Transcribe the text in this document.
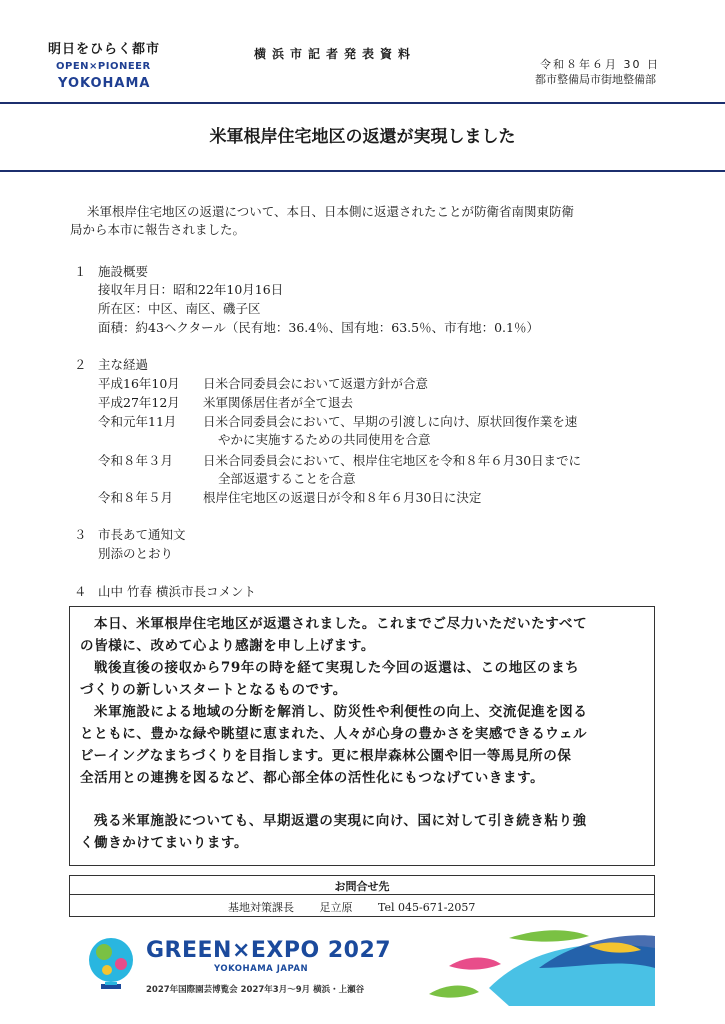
明日をひらく都市
OPEN×PIONEER
YOKOHAMA
横浜市記者発表資料
令和８年６月 30 日
都市整備局市街地整備部
米軍根岸住宅地区の返還が実現しました
米軍根岸住宅地区の返還について、本日、日本側に返還されたことが防衛省南関東防衛
局から本市に報告されました。
１ 施設概要
接収年月日：昭和22年10月16日
所在区：中区、南区、磯子区
面積：約43ヘクタール（民有地：36.4％、国有地：63.5％、市有地：0.1％）
２ 主な経過
平成16年10月 日米合同委員会において返還方針が合意
平成27年12月 米軍関係居住者が全て退去
令和元年11月 日米合同委員会において、早期の引渡しに向け、原状回復作業を速
やかに実施するための共同使用を合意
令和８年３月 日米合同委員会において、根岸住宅地区を令和８年６月30日までに
全部返還することを合意
令和８年５月 根岸住宅地区の返還日が令和８年６月30日に決定
３ 市長あて通知文
別添のとおり
４ 山中 竹春 横浜市長コメント
本日、米軍根岸住宅地区が返還されました。これまでご尽力いただいたすべて
の皆様に、改めて心より感謝を申し上げます。
戦後直後の接収から79年の時を経て実現した今回の返還は、この地区のまち
づくりの新しいスタートとなるものです。
米軍施設による地域の分断を解消し、防災性や利便性の向上、交流促進を図る
とともに、豊かな緑や眺望に恵まれた、人々が心身の豊かさを実感できるウェル
ビーイングなまちづくりを目指します。更に根岸森林公園や旧一等馬見所の保
全活用との連携を図るなど、都心部全体の活性化にもつなげていきます。
残る米軍施設についても、早期返還の実現に向け、国に対して引き続き粘り強
く働きかけてまいります。
お問合せ先
基地対策課長 足立原 Tel 045-671-2057
GREEN×EXPO 2027
YOKOHAMA JAPAN
2027年国際園芸博覧会 2027年3月～9月 横浜・上瀬谷
